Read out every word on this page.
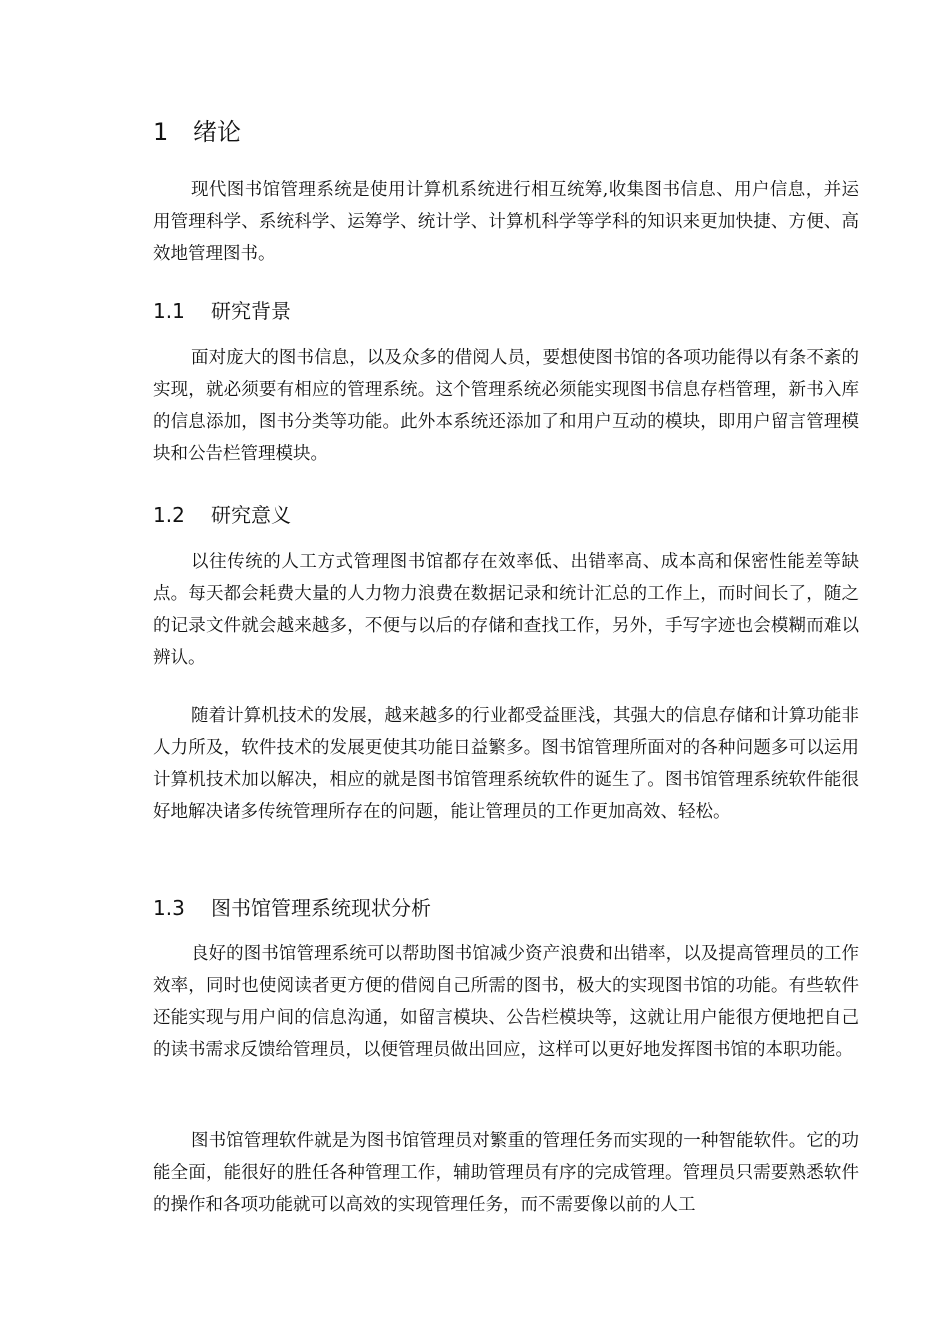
1 绪论

现代图书馆管理系统是使用计算机系统进行相互统筹,收集图书信息、用户信息，并运用管理科学、系统科学、运筹学、统计学、计算机科学等学科的知识来更加快捷、方便、高效地管理图书。

1.1 研究背景

面对庞大的图书信息，以及众多的借阅人员，要想使图书馆的各项功能得以有条不紊的实现，就必须要有相应的管理系统。这个管理系统必须能实现图书信息存档管理，新书入库的信息添加，图书分类等功能。此外本系统还添加了和用户互动的模块，即用户留言管理模块和公告栏管理模块。

1.2 研究意义

以往传统的人工方式管理图书馆都存在效率低、出错率高、成本高和保密性能差等缺点。每天都会耗费大量的人力物力浪费在数据记录和统计汇总的工作上，而时间长了，随之的记录文件就会越来越多，不便与以后的存储和查找工作，另外，手写字迹也会模糊而难以辨认。

随着计算机技术的发展，越来越多的行业都受益匪浅，其强大的信息存储和计算功能非人力所及，软件技术的发展更使其功能日益繁多。图书馆管理所面对的各种问题多可以运用计算机技术加以解决，相应的就是图书馆管理系统软件的诞生了。图书馆管理系统软件能很好地解决诸多传统管理所存在的问题，能让管理员的工作更加高效、轻松。

1.3 图书馆管理系统现状分析

良好的图书馆管理系统可以帮助图书馆减少资产浪费和出错率，以及提高管理员的工作效率，同时也使阅读者更方便的借阅自己所需的图书，极大的实现图书馆的功能。有些软件还能实现与用户间的信息沟通，如留言模块、公告栏模块等，这就让用户能很方便地把自己的读书需求反馈给管理员，以便管理员做出回应，这样可以更好地发挥图书馆的本职功能。

图书馆管理软件就是为图书馆管理员对繁重的管理任务而实现的一种智能软件。它的功能全面，能很好的胜任各种管理工作，辅助管理员有序的完成管理。管理员只需要熟悉软件的操作和各项功能就可以高效的实现管理任务，而不需要像以前的人工
